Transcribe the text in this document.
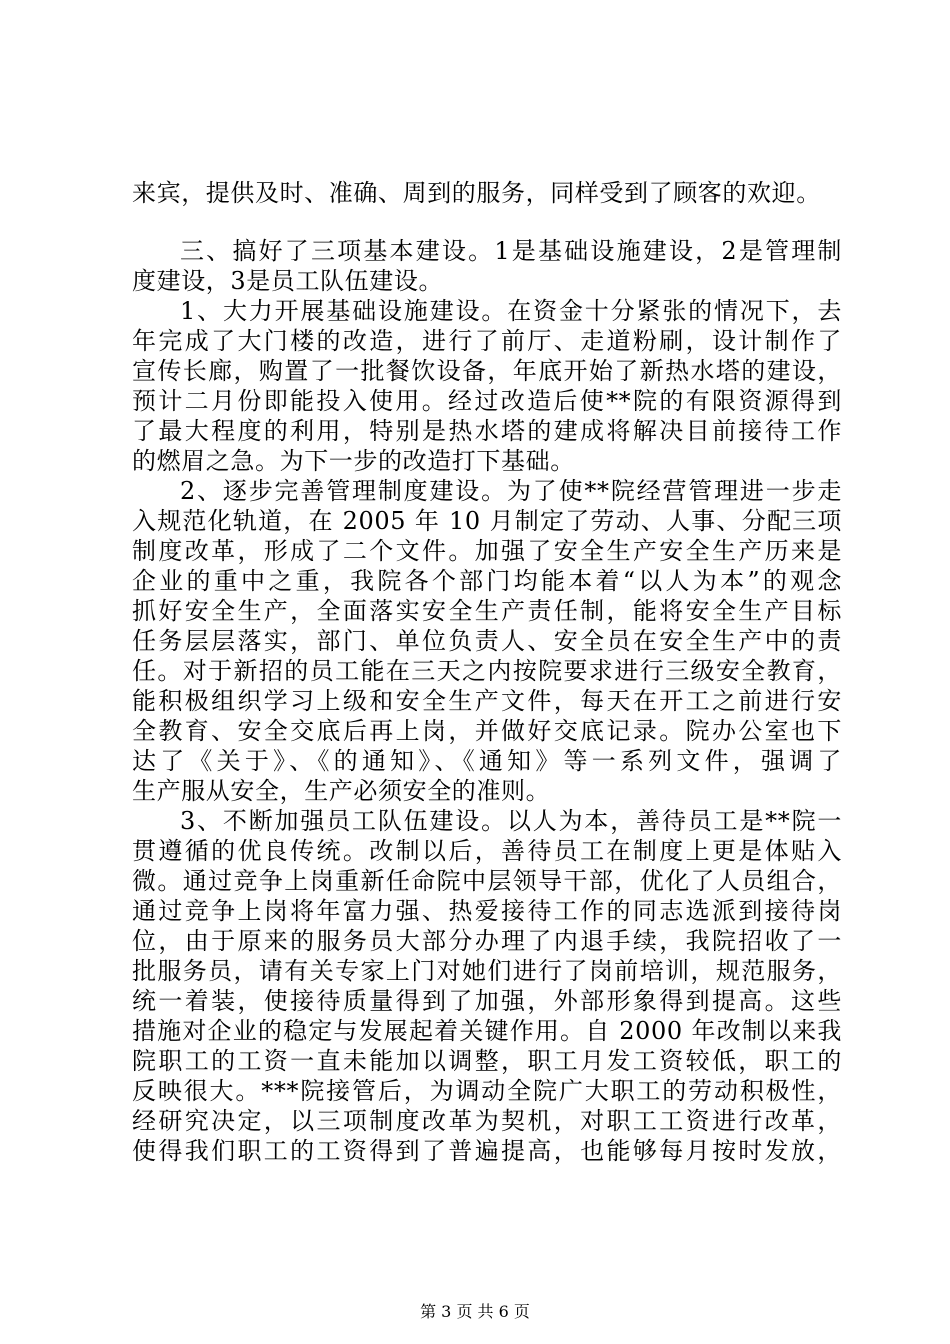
来宾，提供及时、准确、周到的服务，同样受到了顾客的欢迎。
三、搞好了三项基本建设。1是基础设施建设，2是管理制
度建设，3是员工队伍建设。
1、大力开展基础设施建设。在资金十分紧张的情况下，去
年完成了大门楼的改造，进行了前厅、走道粉刷，设计制作了
宣传长廊，购置了一批餐饮设备，年底开始了新热水塔的建设，
预计二月份即能投入使用。经过改造后使**院的有限资源得到
了最大程度的利用，特别是热水塔的建成将解决目前接待工作
的燃眉之急。为下一步的改造打下基础。
2、逐步完善管理制度建设。为了使**院经营管理进一步走
入规范化轨道，在 2005 年 10 月制定了劳动、人事、分配三项
制度改革，形成了二个文件。加强了安全生产安全生产历来是
企业的重中之重，我院各个部门均能本着“以人为本”的观念
抓好安全生产，全面落实安全生产责任制，能将安全生产目标
任务层层落实，部门、单位负责人、安全员在安全生产中的责
任。对于新招的员工能在三天之内按院要求进行三级安全教育，
能积极组织学习上级和安全生产文件，每天在开工之前进行安
全教育、安全交底后再上岗，并做好交底记录。院办公室也下
达了《关于》、《的通知》、《通知》等一系列文件，强调了
生产服从安全，生产必须安全的准则。
3、不断加强员工队伍建设。以人为本，善待员工是**院一
贯遵循的优良传统。改制以后，善待员工在制度上更是体贴入
微。通过竞争上岗重新任命院中层领导干部，优化了人员组合，
通过竞争上岗将年富力强、热爱接待工作的同志选派到接待岗
位，由于原来的服务员大部分办理了内退手续，我院招收了一
批服务员，请有关专家上门对她们进行了岗前培训，规范服务，
统一着装，使接待质量得到了加强，外部形象得到提高。这些
措施对企业的稳定与发展起着关键作用。自 2000 年改制以来我
院职工的工资一直未能加以调整，职工月发工资较低，职工的
反映很大。***院接管后，为调动全院广大职工的劳动积极性，
经研究决定，以三项制度改革为契机，对职工工资进行改革，
使得我们职工的工资得到了普遍提高，也能够每月按时发放，
第 3 页 共 6 页
